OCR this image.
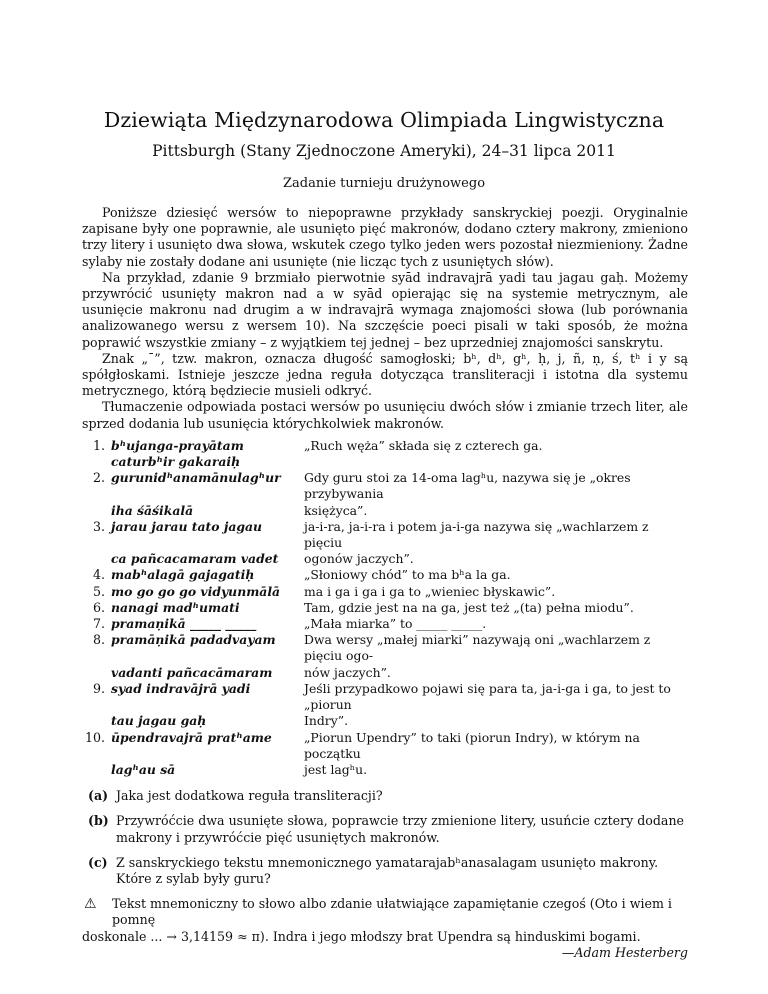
Dziewiąta Międzynarodowa Olimpiada Lingwistyczna
Pittsburgh (Stany Zjednoczone Ameryki), 24–31 lipca 2011
Zadanie turnieju drużynowego

Poniższe dziesięć wersów to niepoprawne przykłady sanskryckiej poezji. Oryginalnie zapisane były one poprawnie, ale usunięto pięć makronów, dodano cztery makrony, zmieniono trzy litery i usunięto dwa słowa, wskutek czego tylko jeden wers pozostał niezmieniony. Żadne sylaby nie zostały dodane ani usunięte (nie licząc tych z usuniętych słów).

Na przykład, zdanie 9 brzmiało pierwotnie syād indravajrā yadi tau jagau gaḥ. Możemy przywrócić usunięty makron nad a w syād opierając się na systemie metrycznym, ale usunięcie makronu nad drugim a w indravajrā wymaga znajomości słowa (lub porównania analizowanego wersu z wersem 10). Na szczęście poeci pisali w taki sposób, że można poprawić wszystkie zmiany – z wyjątkiem tej jednej – bez uprzedniej znajomości sanskrytu.

Znak „¯”, tzw. makron, oznacza długość samogłoski; bʰ, dʰ, gʰ, ḥ, j, ñ, ṇ, ś, tʰ i y są spółgłoskami. Istnieje jeszcze jedna reguła dotycząca transliteracji i istotna dla systemu metrycznego, którą będziecie musieli odkryć.

Tłumaczenie odpowiada postaci wersów po usunięciu dwóch słów i zmianie trzech liter, ale sprzed dodania lub usunięcia którychkolwiek makronów.

1. bʰujanga-prayātam	„Ruch węża” składa się z czterech ga.
caturbʰir gakaraiḥ
2. gurunidʰanamānulagʰur	Gdy guru stoi za 14-oma lagʰu, nazywa się je „okres przybywania
iha śāśikalā	księżyca”.
3. jarau jarau tato jagau	ja-i-ra, ja-i-ra i potem ja-i-ga nazywa się „wachlarzem z pięciu
ca pañcacamaram vadet	ogonów jaczych”.
4. mabʰalagā gajagatiḥ	„Słoniowy chód” to ma bʰa la ga.
5. mo go go go vidyunmālā	ma i ga i ga i ga to „wieniec błyskawic”.
6. nanagi madʰumati	Tam, gdzie jest na na ga, jest też „(ta) pełna miodu”.
7. pramaṇikā _____ _____	„Mała miarka” to _____ _____.
8. pramāṇikā padadvayam	Dwa wersy „małej miarki” nazywają oni „wachlarzem z pięciu ogo-
vadanti pañcacāmaram	nów jaczych”.
9. syad indravājrā yadi	Jeśli przypadkowo pojawi się para ta, ja-i-ga i ga, to jest to „piorun
tau jagau gaḥ	Indry”.
10. ūpendravajrā pratʰame	„Piorun Upendry” to taki (piorun Indry), w którym na początku
lagʰau sā	jest lagʰu.
(a) Jaka jest dodatkowa reguła transliteracji?
(b) Przywróćcie dwa usunięte słowa, poprawcie trzy zmienione litery, usuńcie cztery dodane makrony i przywróćcie pięć usuniętych makronów.
(c) Z sanskryckiego tekstu mnemonicznego yamatarajabʰanasalagam usunięto makrony. Które z sylab były guru?
⚠	Tekst mnemoniczny to słowo albo zdanie ułatwiające zapamiętanie czegoś (Oto i wiem i pomnę
doskonale ... → 3,14159 ≈ π). Indra i jego młodszy brat Upendra są hinduskimi bogami.
—Adam Hesterberg
